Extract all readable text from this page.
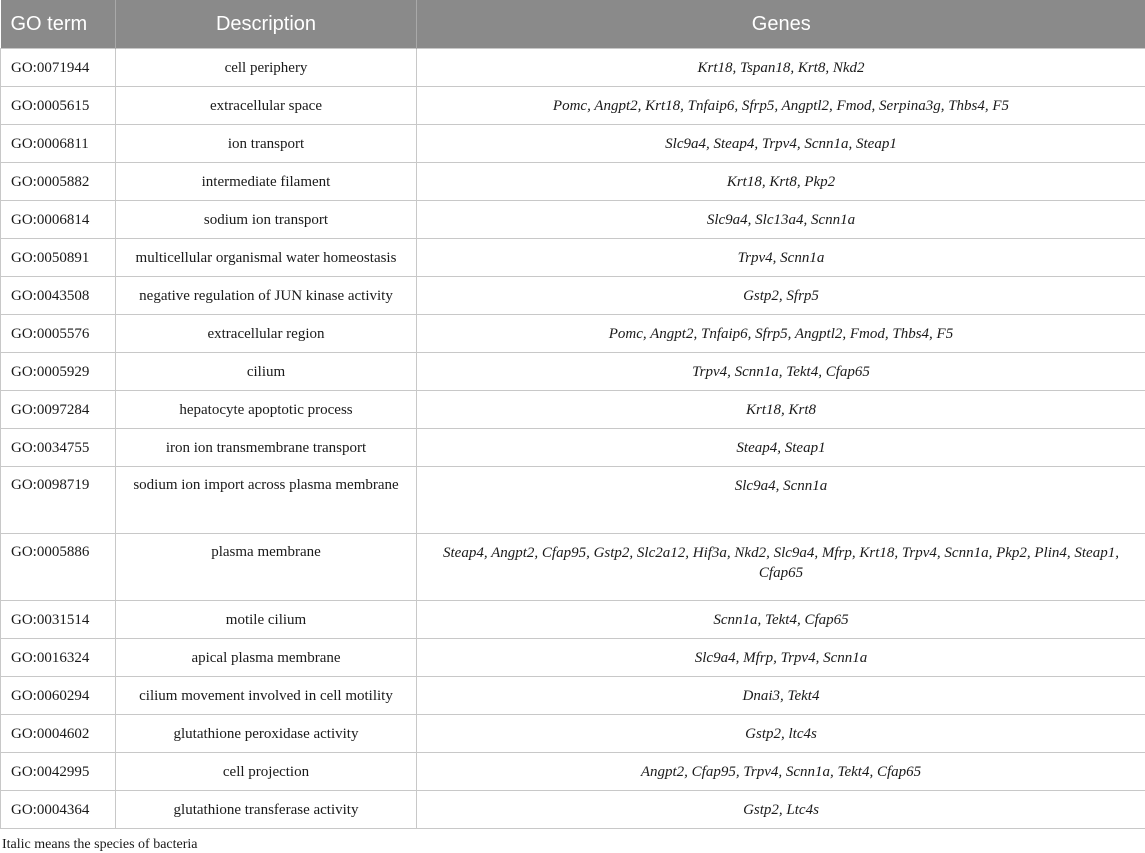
GO term	Description	Genes
GO:0071944	cell periphery	Krt18, Tspan18, Krt8, Nkd2
GO:0005615	extracellular space	Pomc, Angpt2, Krt18, Tnfaip6, Sfrp5, Angptl2, Fmod, Serpina3g, Thbs4, F5
GO:0006811	ion transport	Slc9a4, Steap4, Trpv4, Scnn1a, Steap1
GO:0005882	intermediate filament	Krt18, Krt8, Pkp2
GO:0006814	sodium ion transport	Slc9a4, Slc13a4, Scnn1a
GO:0050891	multicellular organismal water homeostasis	Trpv4, Scnn1a
GO:0043508	negative regulation of JUN kinase activity	Gstp2, Sfrp5
GO:0005576	extracellular region	Pomc, Angpt2, Tnfaip6, Sfrp5, Angptl2, Fmod, Thbs4, F5
GO:0005929	cilium	Trpv4, Scnn1a, Tekt4, Cfap65
GO:0097284	hepatocyte apoptotic process	Krt18, Krt8
GO:0034755	iron ion transmembrane transport	Steap4, Steap1
GO:0098719	sodium ion import across plasma membrane	Slc9a4, Scnn1a
GO:0005886	plasma membrane	Steap4, Angpt2, Cfap95, Gstp2, Slc2a12, Hif3a, Nkd2, Slc9a4, Mfrp, Krt18, Trpv4, Scnn1a, Pkp2, Plin4, Steap1, Cfap65
GO:0031514	motile cilium	Scnn1a, Tekt4, Cfap65
GO:0016324	apical plasma membrane	Slc9a4, Mfrp, Trpv4, Scnn1a
GO:0060294	cilium movement involved in cell motility	Dnai3, Tekt4
GO:0004602	glutathione peroxidase activity	Gstp2, ltc4s
GO:0042995	cell projection	Angpt2, Cfap95, Trpv4, Scnn1a, Tekt4, Cfap65
GO:0004364	glutathione transferase activity	Gstp2, Ltc4s
Italic means the species of bacteria
